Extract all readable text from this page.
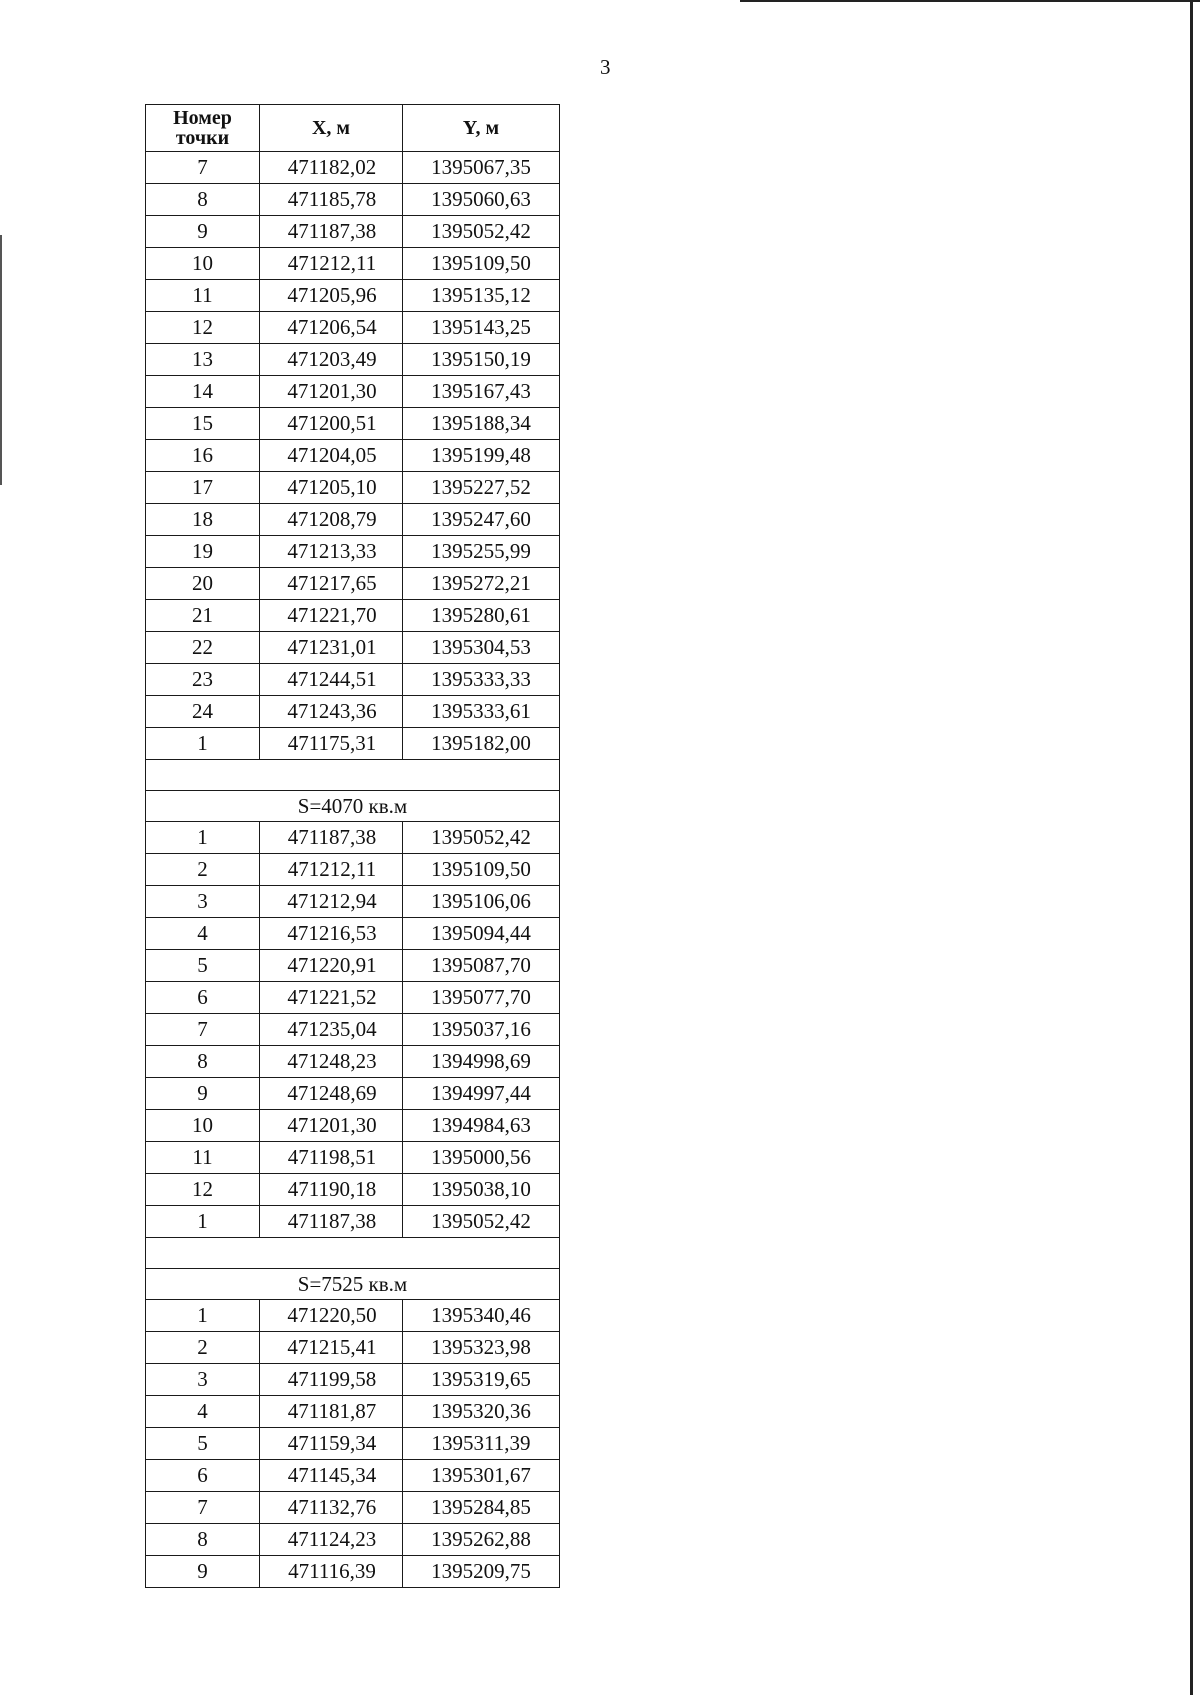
3
Номер точки	X, м	Y, м
7	471182,02	1395067,35
8	471185,78	1395060,63
9	471187,38	1395052,42
10	471212,11	1395109,50
11	471205,96	1395135,12
12	471206,54	1395143,25
13	471203,49	1395150,19
14	471201,30	1395167,43
15	471200,51	1395188,34
16	471204,05	1395199,48
17	471205,10	1395227,52
18	471208,79	1395247,60
19	471213,33	1395255,99
20	471217,65	1395272,21
21	471221,70	1395280,61
22	471231,01	1395304,53
23	471244,51	1395333,33
24	471243,36	1395333,61
1	471175,31	1395182,00

S=4070 кв.м		
1	471187,38	1395052,42
2	471212,11	1395109,50
3	471212,94	1395106,06
4	471216,53	1395094,44
5	471220,91	1395087,70
6	471221,52	1395077,70
7	471235,04	1395037,16
8	471248,23	1394998,69
9	471248,69	1394997,44
10	471201,30	1394984,63
11	471198,51	1395000,56
12	471190,18	1395038,10
1	471187,38	1395052,42

S=7525 кв.м		
1	471220,50	1395340,46
2	471215,41	1395323,98
3	471199,58	1395319,65
4	471181,87	1395320,36
5	471159,34	1395311,39
6	471145,34	1395301,67
7	471132,76	1395284,85
8	471124,23	1395262,88
9	471116,39	1395209,75
